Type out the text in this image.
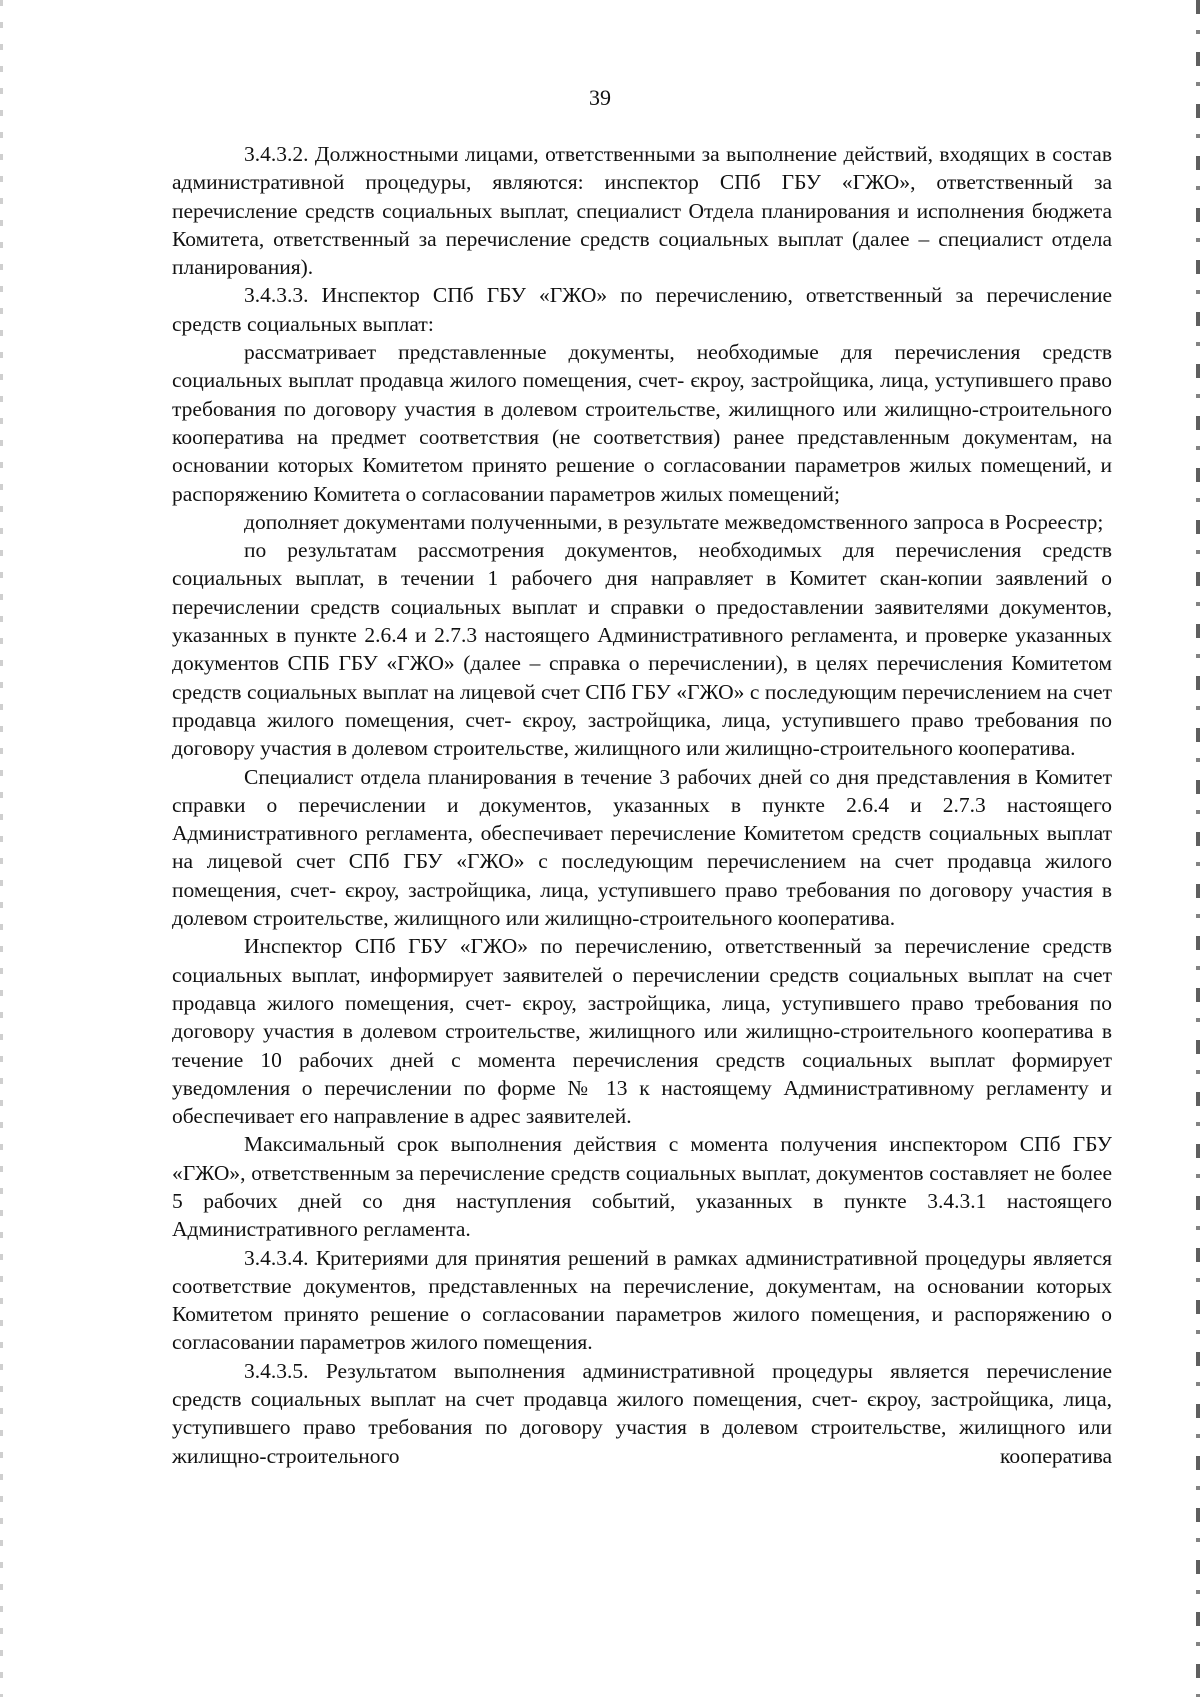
39

3.4.3.2. Должностными лицами, ответственными за выполнение действий, входящих в состав административной процедуры, являются: инспектор СПб ГБУ «ГЖО», ответственный за перечисление средств социальных выплат, специалист Отдела планирования и исполнения бюджета Комитета, ответственный за перечисление средств социальных выплат (далее – специалист отдела планирования).

3.4.3.3. Инспектор СПб ГБУ «ГЖО» по перечислению, ответственный за перечисление средств социальных выплат:

рассматривает представленные документы, необходимые для перечисления средств социальных выплат продавца жилого помещения, счет- єкроу, застройщика, лица, уступившего право требования по договору участия в долевом строительстве, жилищного или жилищно-строительного кооператива на предмет соответствия (не соответствия) ранее представленным документам, на основании которых Комитетом принято решение о согласовании параметров жилых помещений, и распоряжению Комитета о согласовании параметров жилых помещений;

дополняет документами полученными, в результате межведомственного запроса в Росреестр;

по результатам рассмотрения документов, необходимых для перечисления средств социальных выплат, в течении 1 рабочего дня направляет в Комитет скан-копии заявлений о перечислении средств социальных выплат и справки о предоставлении заявителями документов, указанных в пункте 2.6.4 и 2.7.3 настоящего Административного регламента, и проверке указанных документов СПБ ГБУ «ГЖО» (далее – справка о перечислении), в целях перечисления Комитетом средств социальных выплат на лицевой счет СПб ГБУ «ГЖО» с последующим перечислением на счет продавца жилого помещения, счет- єкроу, застройщика, лица, уступившего право требования по договору участия в долевом строительстве, жилищного или жилищно-строительного кооператива.

Специалист отдела планирования в течение 3 рабочих дней со дня представления в Комитет справки о перечислении и документов, указанных в пункте 2.6.4 и 2.7.3 настоящего Административного регламента, обеспечивает перечисление Комитетом средств социальных выплат на лицевой счет СПб ГБУ «ГЖО» с последующим перечислением на счет продавца жилого помещения, счет- єкроу, застройщика, лица, уступившего право требования по договору участия в долевом строительстве, жилищного или жилищно-строительного кооператива.

Инспектор СПб ГБУ «ГЖО» по перечислению, ответственный за перечисление средств социальных выплат, информирует заявителей о перечислении средств социальных выплат на счет продавца жилого помещения, счет- єкроу, застройщика, лица, уступившего право требования по договору участия в долевом строительстве, жилищного или жилищно-строительного кооператива в течение 10 рабочих дней с момента перечисления средств социальных выплат формирует уведомления о перечислении по форме № 13 к настоящему Административному регламенту и обеспечивает его направление в адрес заявителей.

Максимальный срок выполнения действия с момента получения инспектором СПб ГБУ «ГЖО», ответственным за перечисление средств социальных выплат, документов составляет не более 5 рабочих дней со дня наступления событий, указанных в пункте 3.4.3.1 настоящего Административного регламента.

3.4.3.4. Критериями для принятия решений в рамках административной процедуры является соответствие документов, представленных на перечисление, документам, на основании которых Комитетом принято решение о согласовании параметров жилого помещения, и распоряжению о согласовании параметров жилого помещения.

3.4.3.5. Результатом выполнения административной процедуры является перечисление средств социальных выплат на счет продавца жилого помещения, счет- єкроу, застройщика, лица, уступившего право требования по договору участия в долевом строительстве, жилищного или жилищно-строительного кооператива
